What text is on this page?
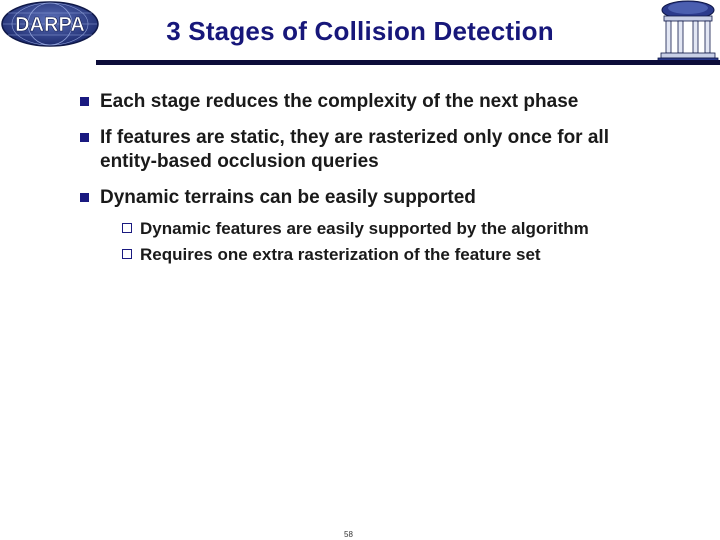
DARPA	3 Stages of Collision Detection
Each stage reduces the complexity of the next phase
If features are static, they are rasterized only once for all entity-based occlusion queries
Dynamic terrains can be easily supported
Dynamic features are easily supported by the algorithm
Requires one extra rasterization of the feature set
58
